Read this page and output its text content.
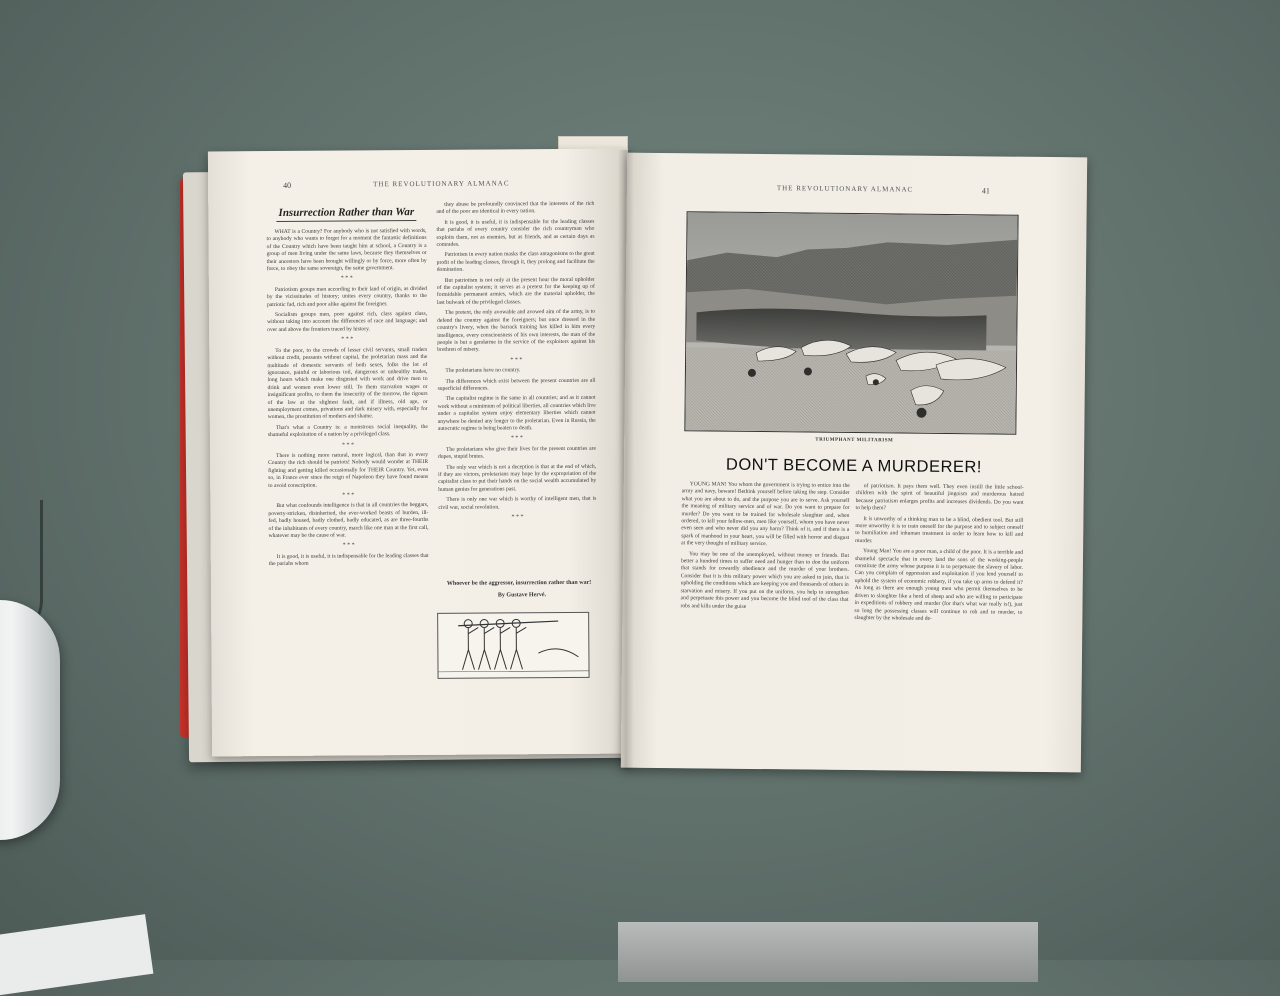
40	THE REVOLUTIONARY ALMANAC
Insurrection Rather than War

WHAT is a Country? For anybody who is not satisfied with words, to anybody who wants to forget for a moment the fantastic definitions of the Country which have been taught him at school, a Country is a group of men living under the same laws, because they themselves or their ancestors have been brought willingly or by force, more often by force, to obey the same sovereign, the same government.

* * *

Patriotism groups men according to their land of origin, as divided by the vicissitudes of history; unites every country, thanks to the patriotic fad, rich and poor alike against the foreigner.

Socialism groups men, poor against rich, class against class, without taking into account the differences of race and language; and over and above the frontiers traced by history.

* * *

To the poor, to the crowds of lesser civil servants, small traders without credit, peasants without capital, the proletarian mass and the multitude of domestic servants of both sexes, folks the lot of ignorance, painful or laborious toil, dangerous or unhealthy trades, long hours which make one disgusted with work and drive men to drink and women even lower still. To them starvation wages or insignificant profits, to them the insecurity of the morrow, the rigours of the law at the slightest fault, and if illness, old age, or unemployment comes, privations and dark misery with, especially for women, the prostitution of mothers and shame.

That's what a Country is: a monstrous social inequality, the shameful exploitation of a nation by a privileged class.

* * *

There is nothing more natural, more logical, than that in every Country the rich should be patriots! Nobody would wonder at THEIR fighting and getting killed occasionally for THEIR Country. Yet, even so, in France ever since the reign of Napoleon they have found means to avoid conscription.

* * *

But what confounds intelligence is that in all countries the beggars, poverty-stricken, disinherited, the ever-worked beasts of burden, ill-fed, badly housed, badly clothed, badly educated, as are three-fourths of the inhabitants of every country, march like one man at the first call, whatever may be the cause of war.

* * *

It is good, it is useful, it is indispensable for the leading classes that the pariahs whom

they abuse be profoundly convinced that the interests of the rich and of the poor are identical in every nation.

It is good, it is useful, it is indispensable for the leading classes that pariahs of every country consider the rich countryman who exploits them, not as enemies, but as friends, and as certain days as comrades.

Patriotism in every nation masks the class antagonisms to the great profit of the leading classes, through it, they prolong and facilitate the domination.

But patriotism is not only at the present hour the moral upholder of the capitalist system; it serves as a pretext for the keeping up of formidable permanent armies, which are the material upholder, the last bulwark of the privileged classes.

The pretext, the only avowable and avowed aim of the army, is to defend the country against the foreigners; but once dressed in the country's livery, when the barrack training has killed in him every intelligence, every consciousness of his own interests, the man of the people is but a gendarme in the service of the exploiters against his brethren of misery.

* * *

The proletarians have no country.

The differences which exist between the present countries are all superficial differences.

The capitalist regime is the same in all countries; and as it cannot work without a minimum of political liberties, all countries which live under a capitalist system enjoy elementary liberties which cannot anywhere be denied any longer to the proletarian. Even in Russia, the autocratic regime is being beaten to death.

* * *

The proletarians who give their lives for the present countries are dupes, stupid brutes.

The only war which is not a deception is that at the end of which, if they are victors, proletarians may hope by the expropriation of the capitalist class to put their hands on the social wealth accumulated by human genius for generations past.

There is only one war which is worthy of intelligent men, that is civil war, social revolution.

* * *

Whoever be the aggressor, insurrection rather than war!
By Gustave Hervé.
THE REVOLUTIONARY ALMANAC	41
TRIUMPHANT MILITARISM
DON'T BECOME A MURDERER!

YOUNG MAN! You whom the government is trying to entice into the army and navy, beware! Bethink yourself before taking the step. Consider what you are about to do, and the purpose you are to serve. Ask yourself the meaning of military service and of war. Do you want to prepare for murder? Do you want to be trained for wholesale slaughter and, when ordered, to kill your fellow-men, men like yourself, whom you have never even seen and who never did you any harm? Think of it, and if there is a spark of manhood in your heart, you will be filled with horror and disgust at the very thought of military service.

You may be one of the unemployed, without money or friends. But better a hundred times to suffer need and hunger than to don the uniform that stands for cowardly obedience and the murder of your brothers. Consider that it is this military power which you are asked to join, that is upholding the conditions which are keeping you and thousands of others in starvation and misery. If you put on the uniform, you help to strengthen and perpetuate this power and you become the blind tool of the class that robs and kills under the guise

of patriotism. It pays them well. They even instill the little school-children with the spirit of beautiful jingoism and murderous hatred because patriotism enlarges profits and increases dividends. Do you want to help them?

It is unworthy of a thinking man to be a blind, obedient tool. But still more unworthy it is to train oneself for the purpose and to subject oneself to humiliation and inhuman treatment in order to learn how to kill and murder.

Young Man! You are a poor man, a child of the poor. It is a terrible and shameful spectacle that in every land the sons of the working-people constitute the army whose purpose it is to perpetuate the slavery of labor. Can you complain of oppression and exploitation if you lend yourself to uphold the system of economic robbery, if you take up arms to defend it? As long as there are enough young men who permit themselves to be driven to slaughter like a herd of sheep and who are willing to participate in expeditions of robbery and murder (for that's what war really is!), just so long the possessing classes will continue to rob and to murder, to slaughter by the wholesale and de-
